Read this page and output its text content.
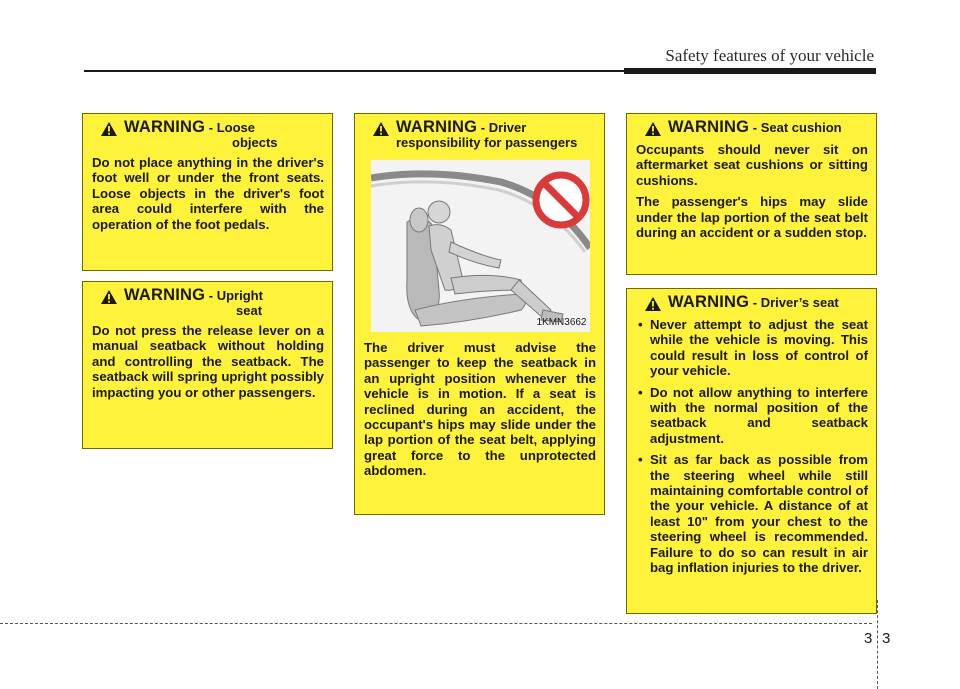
Safety features of your vehicle
WARNING - Loose
objects

Do not place anything in the driver's foot well or under the front seats. Loose objects in the driver's foot area could interfere with the operation of the foot pedals.

WARNING - Upright
seat

Do not press the release lever on a manual seatback without holding and controlling the seatback. The seatback will spring upright possibly impacting you or other passengers.

WARNING - Driver responsibility for passengers
1KMN3662

The driver must advise the passenger to keep the seatback in an upright position whenever the vehicle is in motion. If a seat is reclined during an accident, the occupant's hips may slide under the lap portion of the seat belt, applying great force to the unprotected abdomen.

WARNING - Seat cushion

Occupants should never sit on aftermarket seat cushions or sitting cushions.

The passenger's hips may slide under the lap portion of the seat belt during an accident or a sudden stop.

WARNING - Driver’s seat
• Never attempt to adjust the seat while the vehicle is moving. This could result in loss of control of your vehicle.
• Do not allow anything to interfere with the normal position of the seatback and seatback adjustment.
• Sit as far back as possible from the steering wheel while still maintaining comfortable control of the your vehicle. A distance of at least 10" from your chest to the steering wheel is recommended. Failure to do so can result in air bag inflation injuries to the driver.
3 3
